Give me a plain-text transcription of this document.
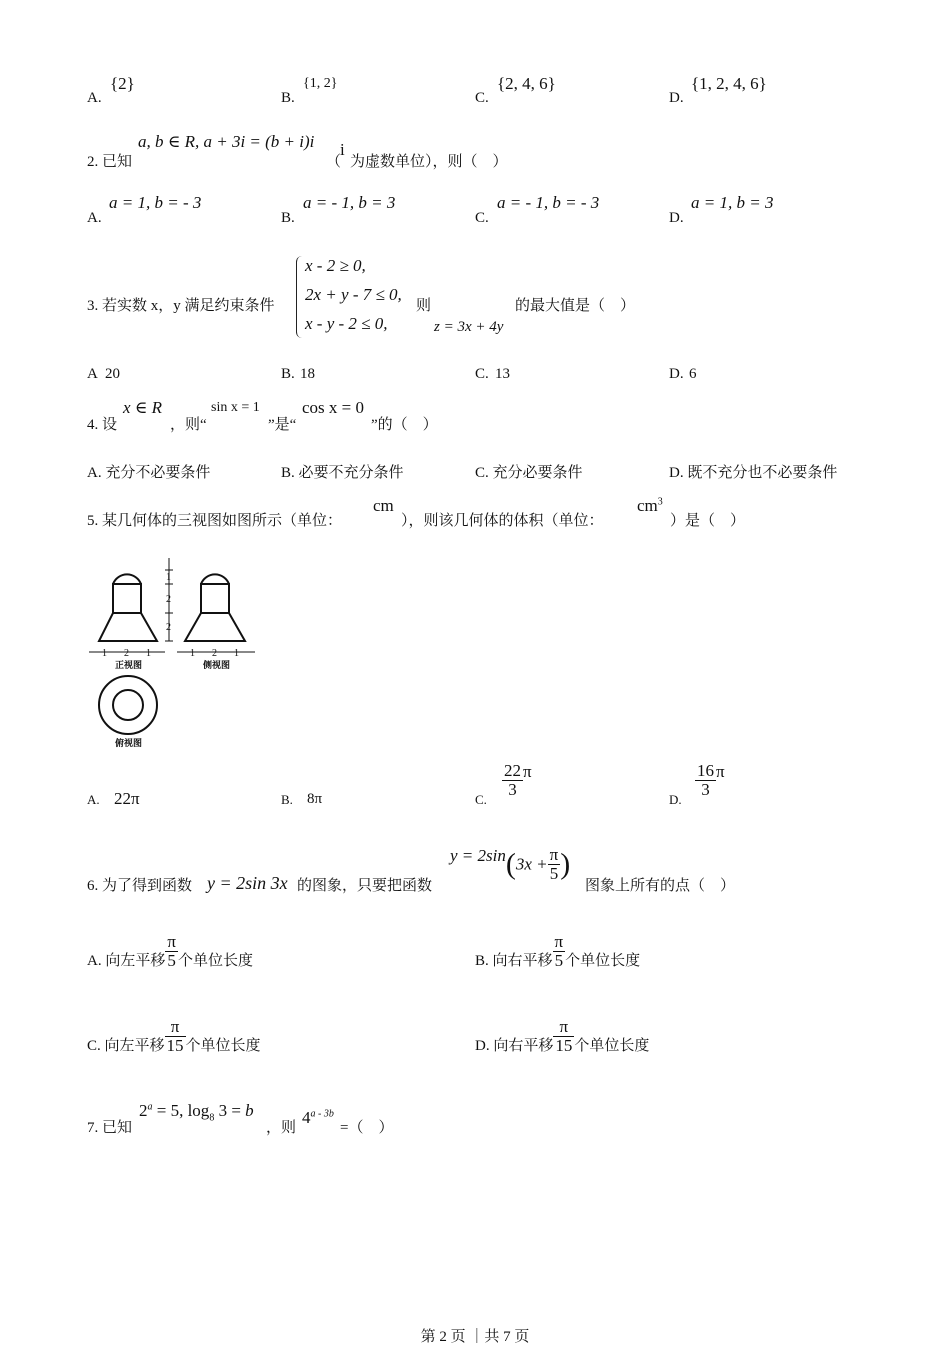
A.
{2}
B.
{1, 2}
C.
{2, 4, 6}
D.
{1, 2, 4, 6}
2. 已知
a, b ∈ R, a + 3i = (b + i)i
（
i
为虚数单位），则（　）
A.
a = 1, b = - 3
B.
a = - 1, b = 3
C.
a = - 1, b = - 3
D.
a = 1, b = 3
3. 若实数 x，y 满足约束条件
x - 2 ≥ 0,
2x + y - 7 ≤ 0,
x - y - 2 ≤ 0,
则
z = 3x + 4y
的最大值是（　）
A 20	B. 18	C. 13	D. 6
4. 设
x ∈ R
，则“
sin x = 1
”是“
cos x = 0
”的（　）
A. 充分不必要条件	B. 必要不充分条件	C. 充分必要条件	D. 既不充分也不必要条件
5. 某几何体的三视图如图所示（单位：
cm
），则该几何体的体积（单位：
$cm^3$
）是（　）
1
2
2
1 2 1	1 2 1
正视图	侧视图
俯视图
A. 22π	B. 8π	C.
$\frac{22}{3}$ π
D.
$\frac{16}{3}$ π
6. 为了得到函数 y = 2sin 3x 的图象，只要把函数
$y = 2\sin(3x + \frac{\pi}{5}$ )
图象上所有的点（　）
A. 向左平移 $\frac{\pi}{5}$ 个单位长度	B. 向右平移 $\frac{\pi}{5}$ 个单位长度
C. 向左平移 $\frac{\pi}{15}$ 个单位长度	D. 向右平移 $\frac{\pi}{15}$ 个单位长度
7. 已知
$2^a = 5$, $\log_8 3 = b$
，则
$4^{a - 3b}$
=（　）
第 2 页 ｜共 7 页
